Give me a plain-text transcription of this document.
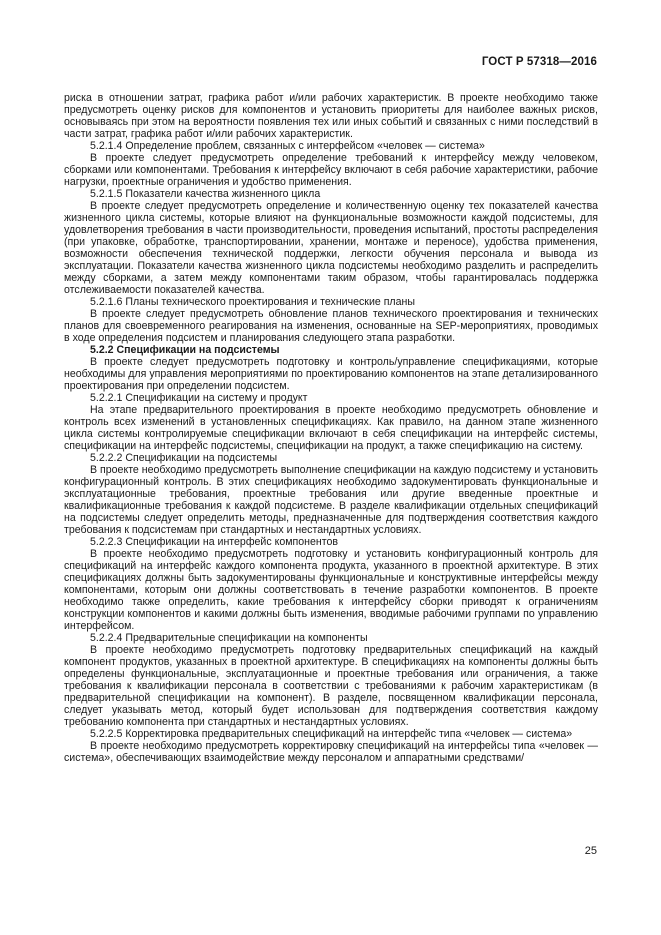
ГОСТ Р 57318—2016

риска в отношении затрат, графика работ и/или рабочих характеристик. В проекте необходимо также предусмотреть оценку рисков для компонентов и установить приоритеты для наиболее важных рисков, основываясь при этом на вероятности появления тех или иных событий и связанных с ними последствий в части затрат, графика работ и/или рабочих характеристик.

5.2.1.4 Определение проблем, связанных с интерфейсом «человек — система»

В проекте следует предусмотреть определение требований к интерфейсу между человеком, сборками или компонентами. Требования к интерфейсу включают в себя рабочие характеристики, рабочие нагрузки, проектные ограничения и удобство применения.

5.2.1.5 Показатели качества жизненного цикла

В проекте следует предусмотреть определение и количественную оценку тех показателей качества жизненного цикла системы, которые влияют на функциональные возможности каждой подсистемы, для удовлетворения требования в части производительности, проведения испытаний, простоты распределения (при упаковке, обработке, транспортировании, хранении, монтаже и переносе), удобства применения, возможности обеспечения технической поддержки, легкости обучения персонала и вывода из эксплуатации. Показатели качества жизненного цикла подсистемы необходимо разделить и распределить между сборками, а затем между компонентами таким образом, чтобы гарантировалась поддержка отслеживаемости показателей качества.

5.2.1.6 Планы технического проектирования и технические планы

В проекте следует предусмотреть обновление планов технического проектирования и технических планов для своевременного реагирования на изменения, основанные на SEP-мероприятиях, проводимых в ходе определения подсистем и планирования следующего этапа разработки.

5.2.2 Спецификации на подсистемы

В проекте следует предусмотреть подготовку и контроль/управление спецификациями, которые необходимы для управления мероприятиями по проектированию компонентов на этапе детализированного проектирования при определении подсистем.

5.2.2.1 Спецификации на систему и продукт

На этапе предварительного проектирования в проекте необходимо предусмотреть обновление и контроль всех изменений в установленных спецификациях. Как правило, на данном этапе жизненного цикла системы контролируемые спецификации включают в себя спецификации на интерфейс системы, спецификации на интерфейс подсистемы, спецификации на продукт, а также спецификацию на систему.

5.2.2.2 Спецификации на подсистемы

В проекте необходимо предусмотреть выполнение спецификации на каждую подсистему и установить конфигурационный контроль. В этих спецификациях необходимо задокументировать функциональные и эксплуатационные требования, проектные требования или другие введенные проектные и квалификационные требования к каждой подсистеме. В разделе квалификации отдельных спецификаций на подсистемы следует определить методы, предназначенные для подтверждения соответствия каждого требования к подсистемам при стандартных и нестандартных условиях.

5.2.2.3 Спецификации на интерфейс компонентов

В проекте необходимо предусмотреть подготовку и установить конфигурационный контроль для спецификаций на интерфейс каждого компонента продукта, указанного в проектной архитектуре. В этих спецификациях должны быть задокументированы функциональные и конструктивные интерфейсы между компонентами, которым они должны соответствовать в течение разработки компонентов. В проекте необходимо также определить, какие требования к интерфейсу сборки приводят к ограничениям конструкции компонентов и какими должны быть изменения, вводимые рабочими группами по управлению интерфейсом.

5.2.2.4 Предварительные спецификации на компоненты

В проекте необходимо предусмотреть подготовку предварительных спецификаций на каждый компонент продуктов, указанных в проектной архитектуре. В спецификациях на компоненты должны быть определены функциональные, эксплуатационные и проектные требования или ограничения, а также требования к квалификации персонала в соответствии с требованиями к рабочим характеристикам (в предварительной спецификации на компонент). В разделе, посвященном квалификации персонала, следует указывать метод, который будет использован для подтверждения соответствия каждому требованию компонента при стандартных и нестандартных условиях.

5.2.2.5 Корректировка предварительных спецификаций на интерфейс типа «человек — система»

В проекте необходимо предусмотреть корректировку спецификаций на интерфейсы типа «человек — система», обеспечивающих взаимодействие между персоналом и аппаратными средствами/

25
